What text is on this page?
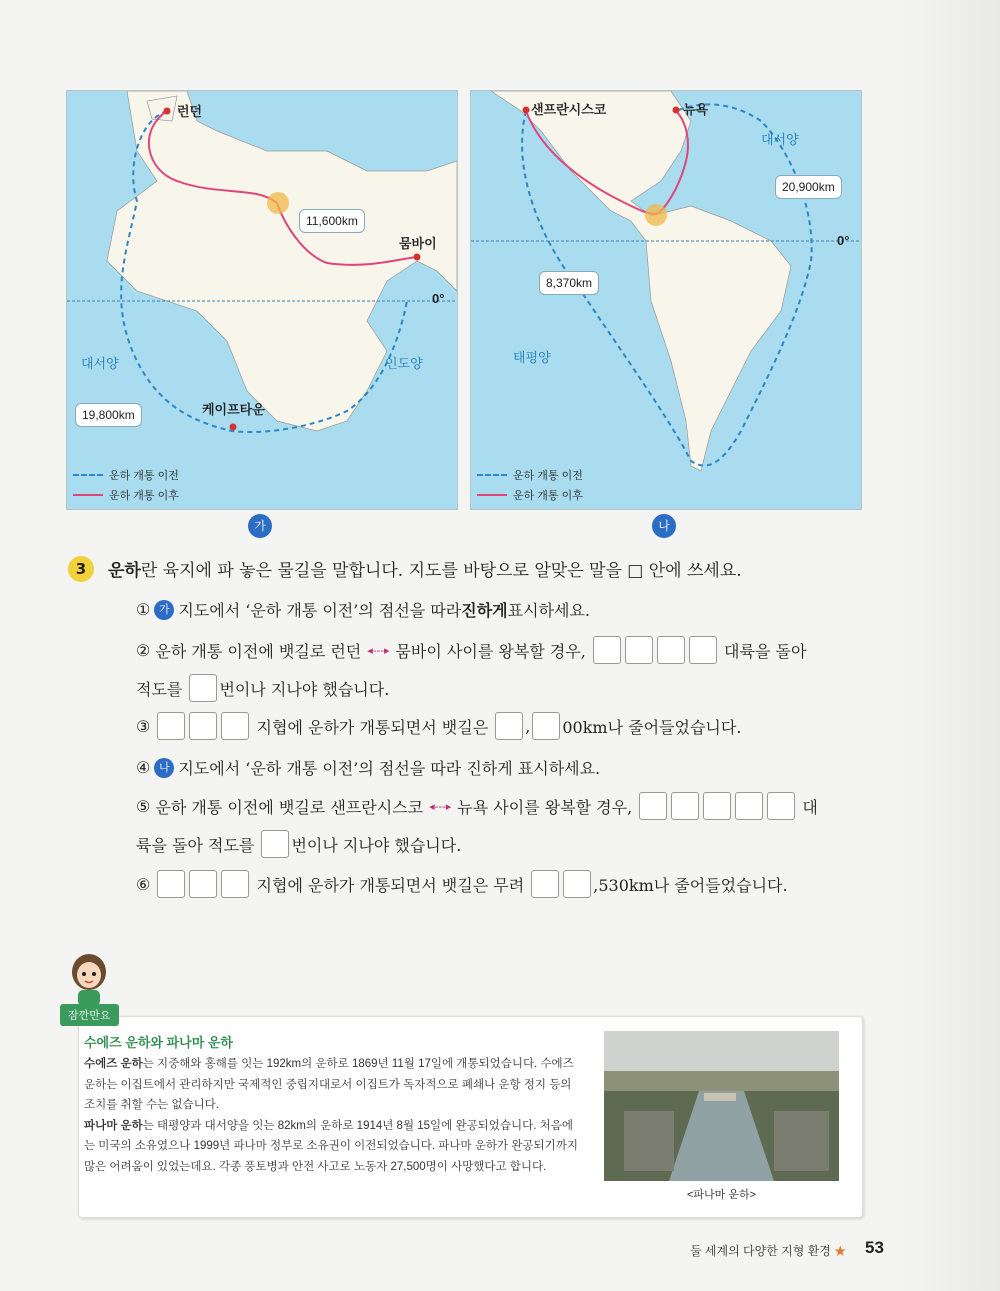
런던
뭄바이
케이프타운
대서양	인도양
0°
11,600km
19,800km
운하 개통 이전
운하 개통 이후
가
샌프란시스코	뉴욕
대서양
태평양
0°
8,370km
20,900km
운하 개통 이전
운하 개통 이후
나
3	운하란 육지에 파 놓은 물길을 말합니다. 지도를 바탕으로 알맞은 말을 □ 안에 쓰세요.
① 가 지도에서 ‘운하 개통 이전’의 점선을 따라 진하게 표시하세요.
②
운하 개통 이전에 뱃길로 런던 ◂---▸ 뭄바이 사이를 왕복할 경우,

	대륙을 돌아
적도를
번이나 지나야 했습니다.
③

	지협에 운하가 개통되면서 뱃길은
, 00km나 줄어들었습니다.
④ 나 지도에서 ‘운하 개통 이전’의 점선을 따라 진하게 표시하세요.
⑤
운하 개통 이전에 뱃길로 샌프란시스코 ◂---▸ 뉴욕 사이를 왕복할 경우,

	대
륙을 돌아 적도를
번이나 지나야 했습니다.
⑥

	지협에 운하가 개통되면서 뱃길은 무려
	,530km나 줄어들었습니다.
잠깐만요
수에즈 운하와 파나마 운하

수에즈 운하는 지중해와 홍해를 잇는 192km의 운하로 1869년 11월 17일에 개통되었습니다. 수에즈 운하는 이집트에서 관리하지만 국제적인 중립지대로서 이집트가 독자적으로 폐쇄나 운항 정지 등의 조치를 취할 수는 없습니다.

파나마 운하는 태평양과 대서양을 잇는 82km의 운하로 1914년 8월 15일에 완공되었습니다. 처음에는 미국의 소유였으나 1999년 파나마 정부로 소유권이 이전되었습니다. 파나마 운하가 완공되기까지 많은 어려움이 있었는데요. 각종 풍토병과 안전 사고로 노동자 27,500명이 사망했다고 합니다.

<파나마 운하>
둘 세계의 다양한 지형 환경 ★ 53
